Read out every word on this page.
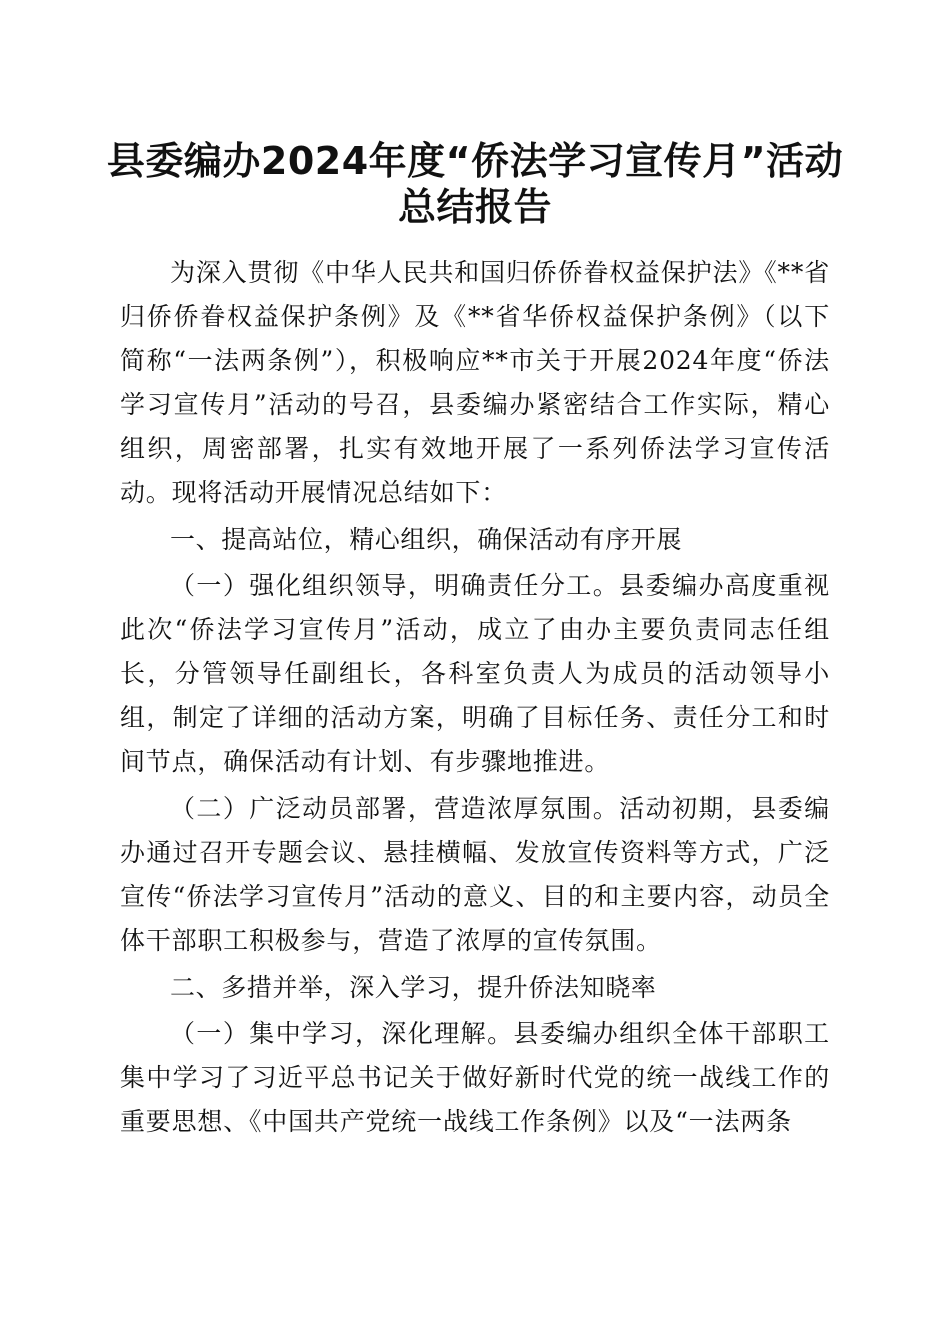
县委编办2024年度“侨法学习宣传月”活动
总结报告

为深入贯彻《中华人民共和国归侨侨眷权益保护法》《**省归侨侨眷权益保护条例》及《**省华侨权益保护条例》（以下简称“一法两条例”），积极响应**市关于开展2024年度“侨法学习宣传月”活动的号召，县委编办紧密结合工作实际，精心组织，周密部署，扎实有效地开展了一系列侨法学习宣传活动。现将活动开展情况总结如下：

一、提高站位，精心组织，确保活动有序开展

（一）强化组织领导，明确责任分工。县委编办高度重视此次“侨法学习宣传月”活动，成立了由办主要负责同志任组长，分管领导任副组长，各科室负责人为成员的活动领导小组，制定了详细的活动方案，明确了目标任务、责任分工和时间节点，确保活动有计划、有步骤地推进。

（二）广泛动员部署，营造浓厚氛围。活动初期，县委编办通过召开专题会议、悬挂横幅、发放宣传资料等方式，广泛宣传“侨法学习宣传月”活动的意义、目的和主要内容，动员全体干部职工积极参与，营造了浓厚的宣传氛围。

二、多措并举，深入学习，提升侨法知晓率

（一）集中学习，深化理解。县委编办组织全体干部职工集中学习了习近平总书记关于做好新时代党的统一战线工作的重要思想、《中国共产党统一战线工作条例》以及“一法两条
